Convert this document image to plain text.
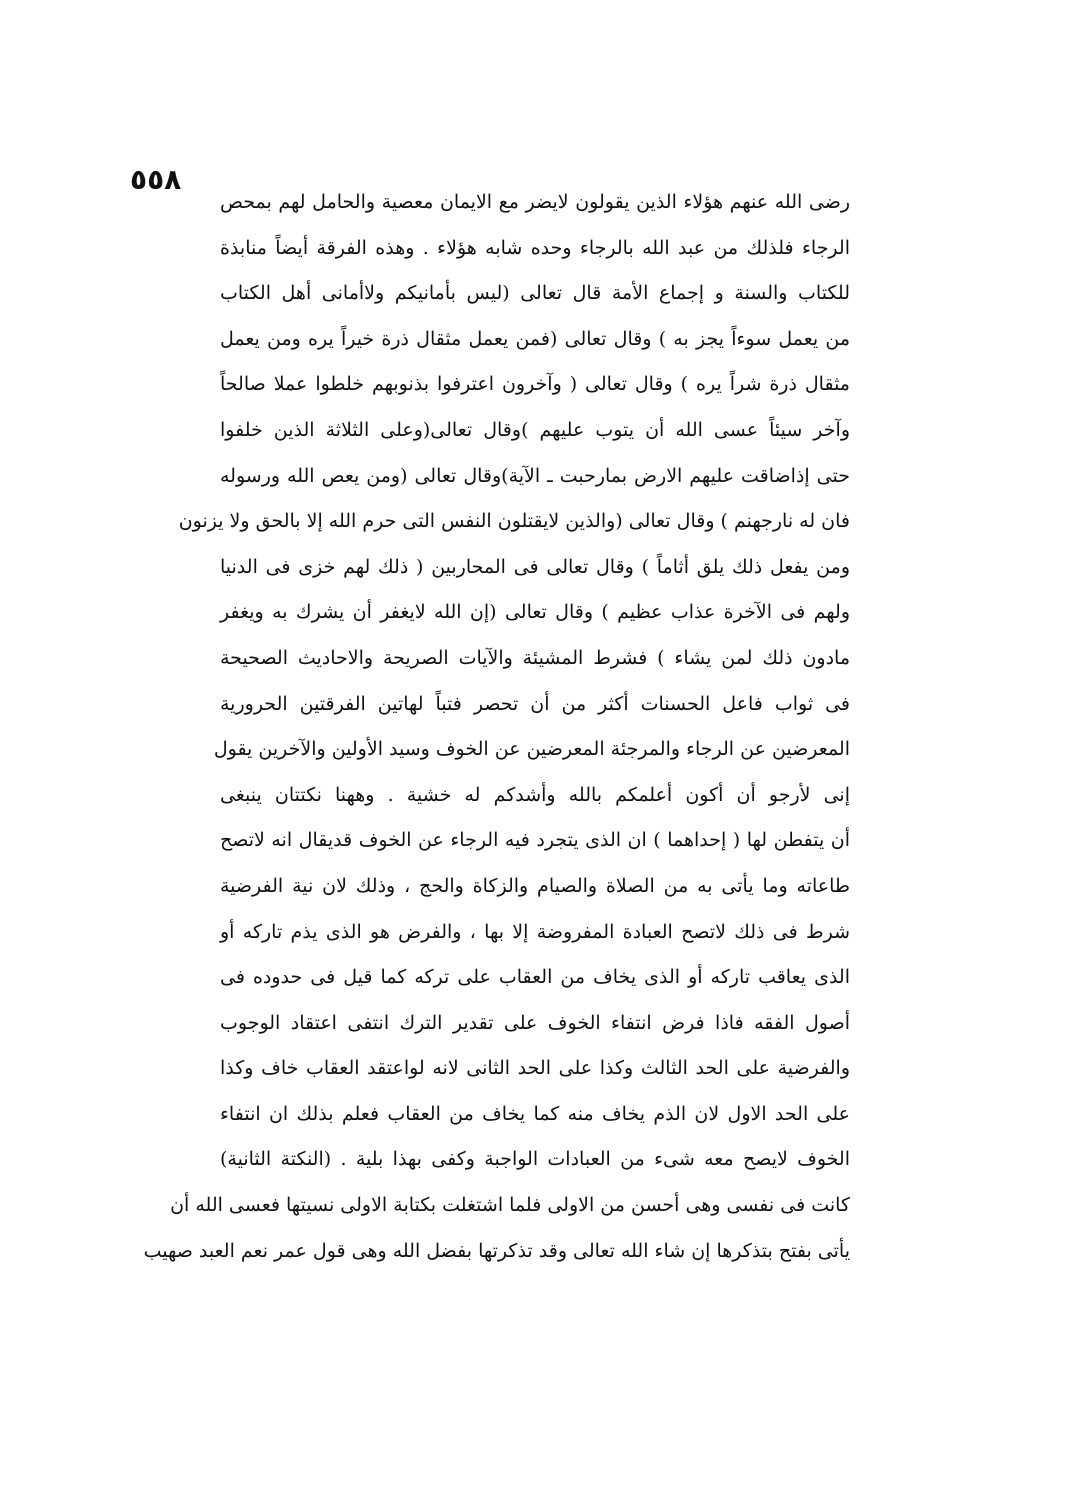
٥٥٨
رضى الله عنهم هؤلاء الذين يقولون لايضر مع الايمان معصية والحامل لهم بمحص
الرجاء فلذلك من عبد الله بالرجاء وحده شابه هؤلاء . وهذه الفرقة أيضاً منابذة
للكتاب والسنة و إجماع الأمة قال تعالى (ليس بأمانيكم ولاأمانى أهل الكتاب
من يعمل سوءاً يجز به ) وقال تعالى (فمن يعمل مثقال ذرة خيراً يره ومن يعمل
مثقال ذرة شراً يره ) وقال تعالى ( وآخرون اعترفوا بذنوبهم خلطوا عملا صالحاً
وآخر سيئاً عسى الله أن يتوب عليهم )وقال تعالى(وعلى الثلاثة الذين خلفوا
حتى إذاضاقت عليهم الارض بمارحبت ـ الآية)وقال تعالى (ومن يعص الله ورسوله
فان له نارجهنم ) وقال تعالى (والذين لايقتلون النفس التى حرم الله إلا بالحق ولا يزنون
ومن يفعل ذلك يلق أثاماً ) وقال تعالى فى المحاربين ( ذلك لهم خزى فى الدنيا
ولهم فى الآخرة عذاب عظيم ) وقال تعالى (إن الله لايغفر أن يشرك به ويغفر
مادون ذلك لمن يشاء ) فشرط المشيئة والآيات الصريحة والاحاديث الصحيحة
فى ثواب فاعل الحسنات أكثر من أن تحصر فتباً لهاتين الفرقتين الحرورية
المعرضين عن الرجاء والمرجئة المعرضين عن الخوف وسيد الأولين والآخرين يقول
إنى لأرجو أن أكون أعلمكم بالله وأشدكم له خشية . وههنا نكتتان ينبغى
أن يتفطن لها ( إحداهما ) ان الذى يتجرد فيه الرجاء عن الخوف قديقال انه لاتصح
طاعاته وما يأتى به من الصلاة والصيام والزكاة والحج ، وذلك لان نية الفرضية
شرط فى ذلك لاتصح العبادة المفروضة إلا بها ، والفرض هو الذى يذم تاركه أو
الذى يعاقب تاركه أو الذى يخاف من العقاب على تركه كما قيل فى حدوده فى
أصول الفقه فاذا فرض انتفاء الخوف على تقدير الترك انتفى اعتقاد الوجوب
والفرضية على الحد الثالث وكذا على الحد الثانى لانه لواعتقد العقاب خاف وكذا
على الحد الاول لان الذم يخاف منه كما يخاف من العقاب فعلم بذلك ان انتفاء
الخوف لايصح معه شىء من العبادات الواجبة وكفى بهذا بلية . (النكتة الثانية)
كانت فى نفسى وهى أحسن من الاولى فلما اشتغلت بكتابة الاولى نسيتها فعسى الله أن
يأتى بفتح بتذكرها إن شاء الله تعالى وقد تذكرتها بفضل الله وهى قول عمر نعم العبد صهيب
